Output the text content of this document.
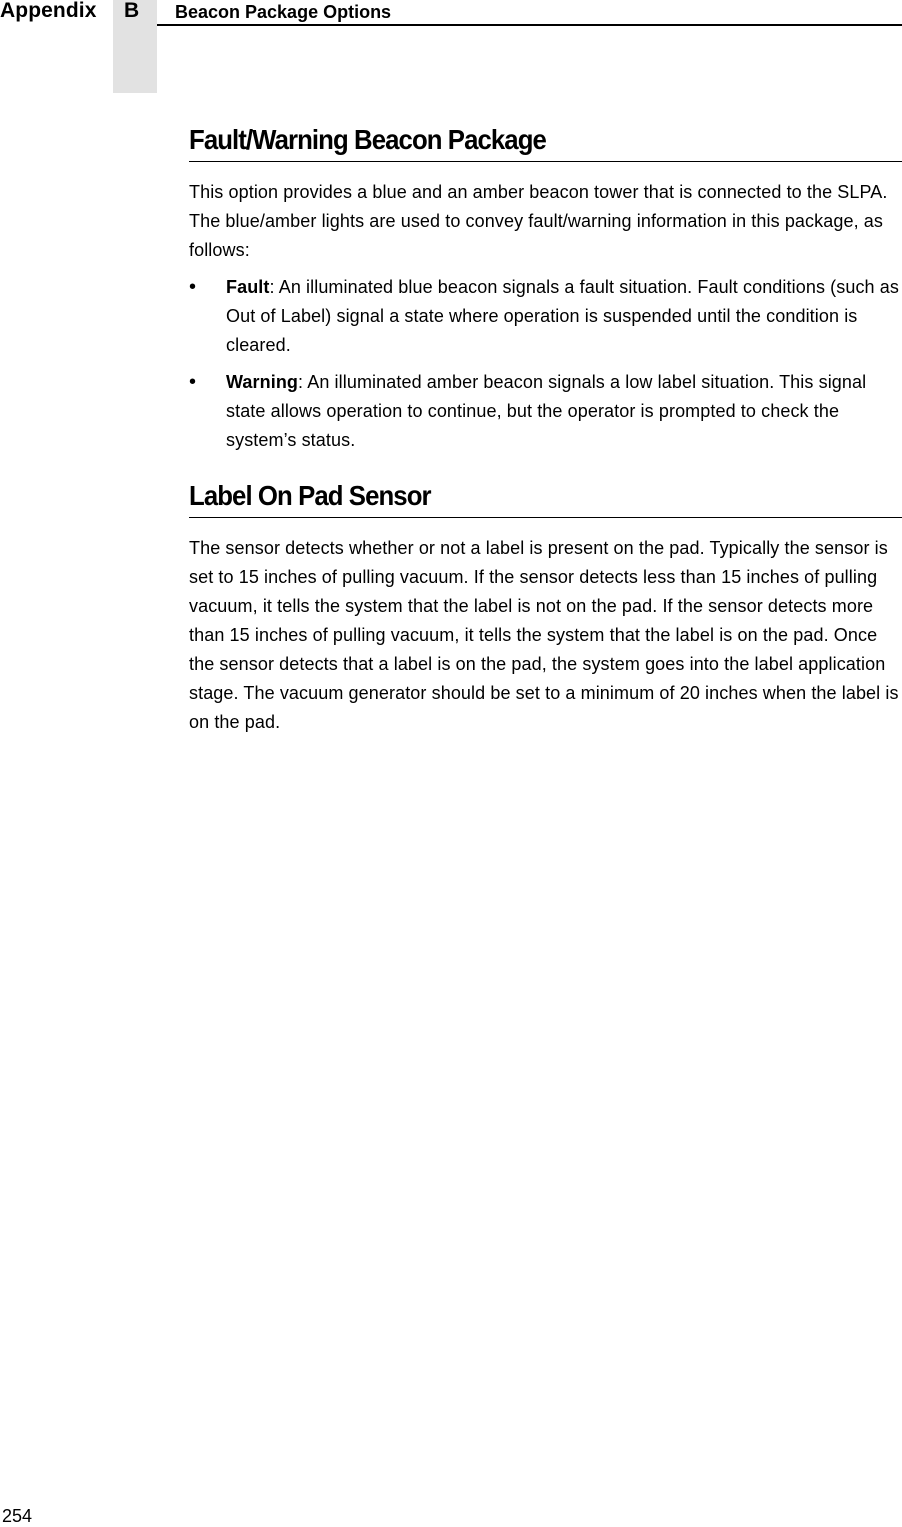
Appendix B Beacon Package Options
Fault/Warning Beacon Package

This option provides a blue and an amber beacon tower that is connected to the SLPA. The blue/amber lights are used to convey fault/warning information in this package, as follows:

• Fault: An illuminated blue beacon signals a fault situation. Fault conditions (such as Out of Label) signal a state where operation is suspended until the condition is cleared.
• Warning: An illuminated amber beacon signals a low label situation. This signal state allows operation to continue, but the operator is prompted to check the system’s status.
Label On Pad Sensor

The sensor detects whether or not a label is present on the pad. Typically the sensor is set to 15 inches of pulling vacuum. If the sensor detects less than 15 inches of pulling vacuum, it tells the system that the label is not on the pad. If the sensor detects more than 15 inches of pulling vacuum, it tells the system that the label is on the pad. Once the sensor detects that a label is on the pad, the system goes into the label application stage. The vacuum generator should be set to a minimum of 20 inches when the label is on the pad.

254
